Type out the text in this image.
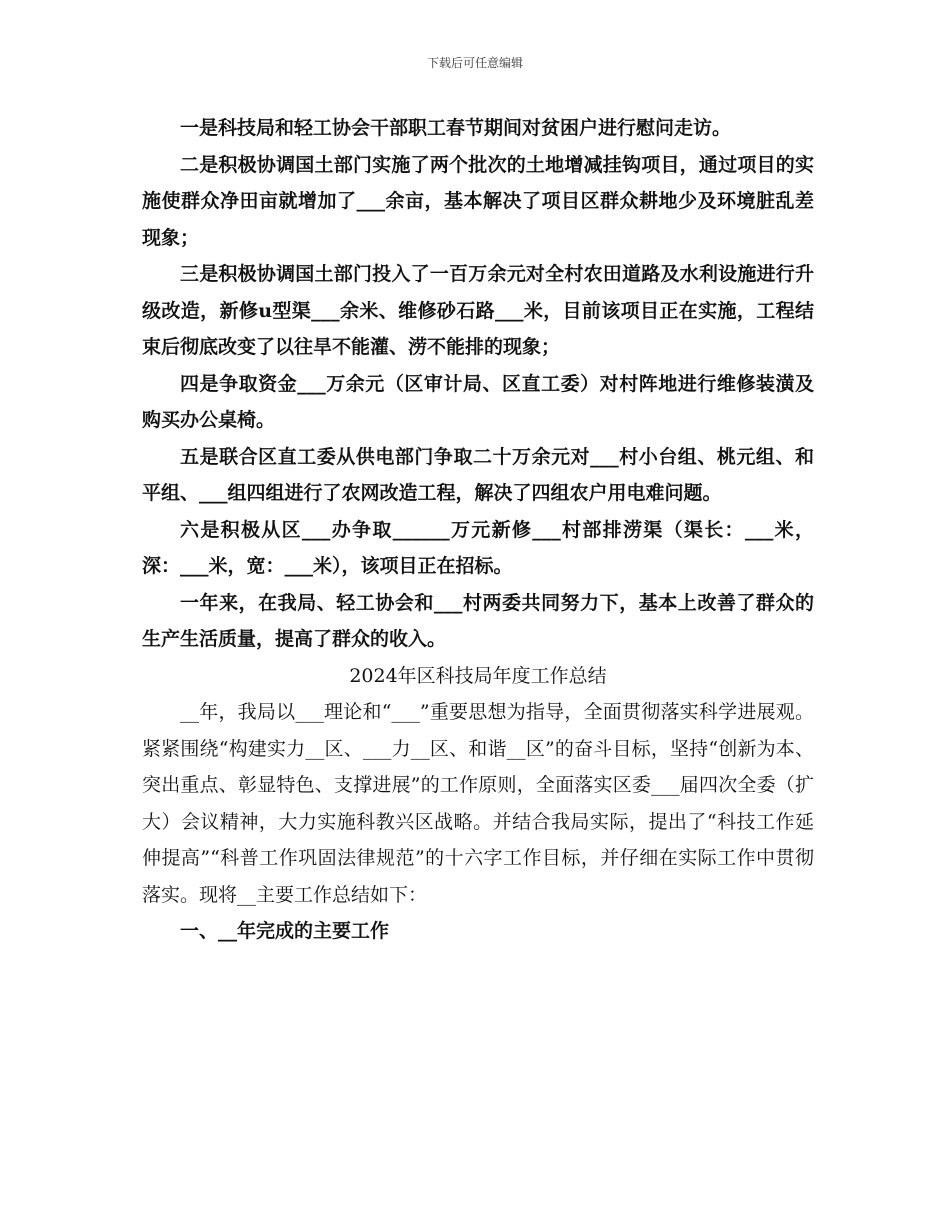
下载后可任意编辑

一是科技局和轻工协会干部职工春节期间对贫困户进行慰问走访。

二是积极协调国土部门实施了两个批次的土地增减挂钩项目，通过项目的实施使群众净田亩就增加了___余亩，基本解决了项目区群众耕地少及环境脏乱差现象；

三是积极协调国土部门投入了一百万余元对全村农田道路及水利设施进行升级改造，新修u型渠___余米、维修砂石路___米，目前该项目正在实施，工程结束后彻底改变了以往旱不能灌、涝不能排的现象；

四是争取资金___万余元（区审计局、区直工委）对村阵地进行维修装潢及购买办公桌椅。

五是联合区直工委从供电部门争取二十万余元对___村小台组、桃元组、和平组、___组四组进行了农网改造工程，解决了四组农户用电难问题。

六是积极从区___办争取______万元新修___村部排涝渠（渠长：___米，深：___米，宽：___米），该项目正在招标。

一年来，在我局、轻工协会和___村两委共同努力下，基本上改善了群众的生产生活质量，提高了群众的收入。

2024年区科技局年度工作总结

__年，我局以___理论和“___”重要思想为指导，全面贯彻落实科学进展观。紧紧围绕“构建实力__区、___力__区、和谐__区”的奋斗目标，坚持“创新为本、突出重点、彰显特色、支撑进展”的工作原则，全面落实区委___届四次全委（扩大）会议精神，大力实施科教兴区战略。并结合我局实际，提出了“科技工作延伸提高”“科普工作巩固法律规范”的十六字工作目标，并仔细在实际工作中贯彻落实。现将__主要工作总结如下：

一、__年完成的主要工作
